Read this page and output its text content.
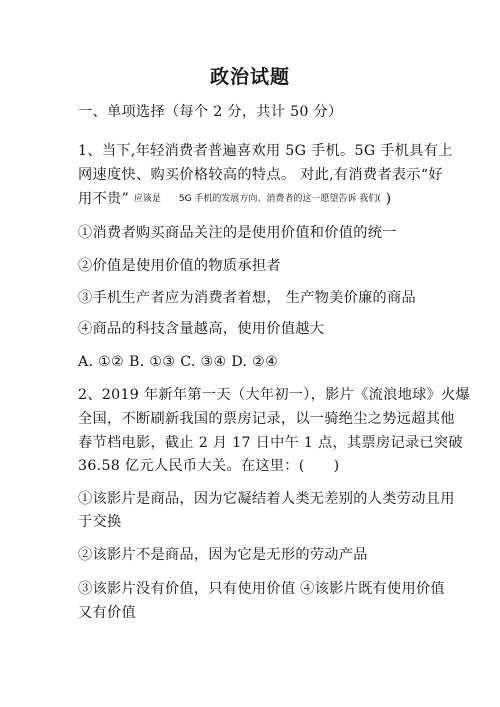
政治试题
一、单项选择（每个 2 分，共计 50 分）
1、当下,年轻消费者普遍喜欢用 5G 手机。5G 手机具有上
网速度快、购买价格较高的特点。 对此,有消费者表示“好
用不贵” 应该是　　5G 手机的发展方向、消费者的这一愿望告诉 我们( )
①消费者购买商品关注的是使用价值和价值的统一
②价值是使用价值的物质承担者
③手机生产者应为消费者着想， 生产物美价廉的商品
④商品的科技含量越高，使用价值越大
A. ①② B. ①③ C. ③④ D. ②④
2、2019 年新年第一天（大年初一），影片《流浪地球》火爆
全国，不断刷新我国的票房记录，以一骑绝尘之势远超其他
春节档电影，截止 2 月 17 日中午 1 点，其票房记录已突破
36.58 亿元人民币大关。在这里：(　　)
①该影片是商品，因为它凝结着人类无差别的人类劳动且用
于交换
②该影片不是商品，因为它是无形的劳动产品
③该影片没有价值，只有使用价值 ④该影片既有使用价值
又有价值
